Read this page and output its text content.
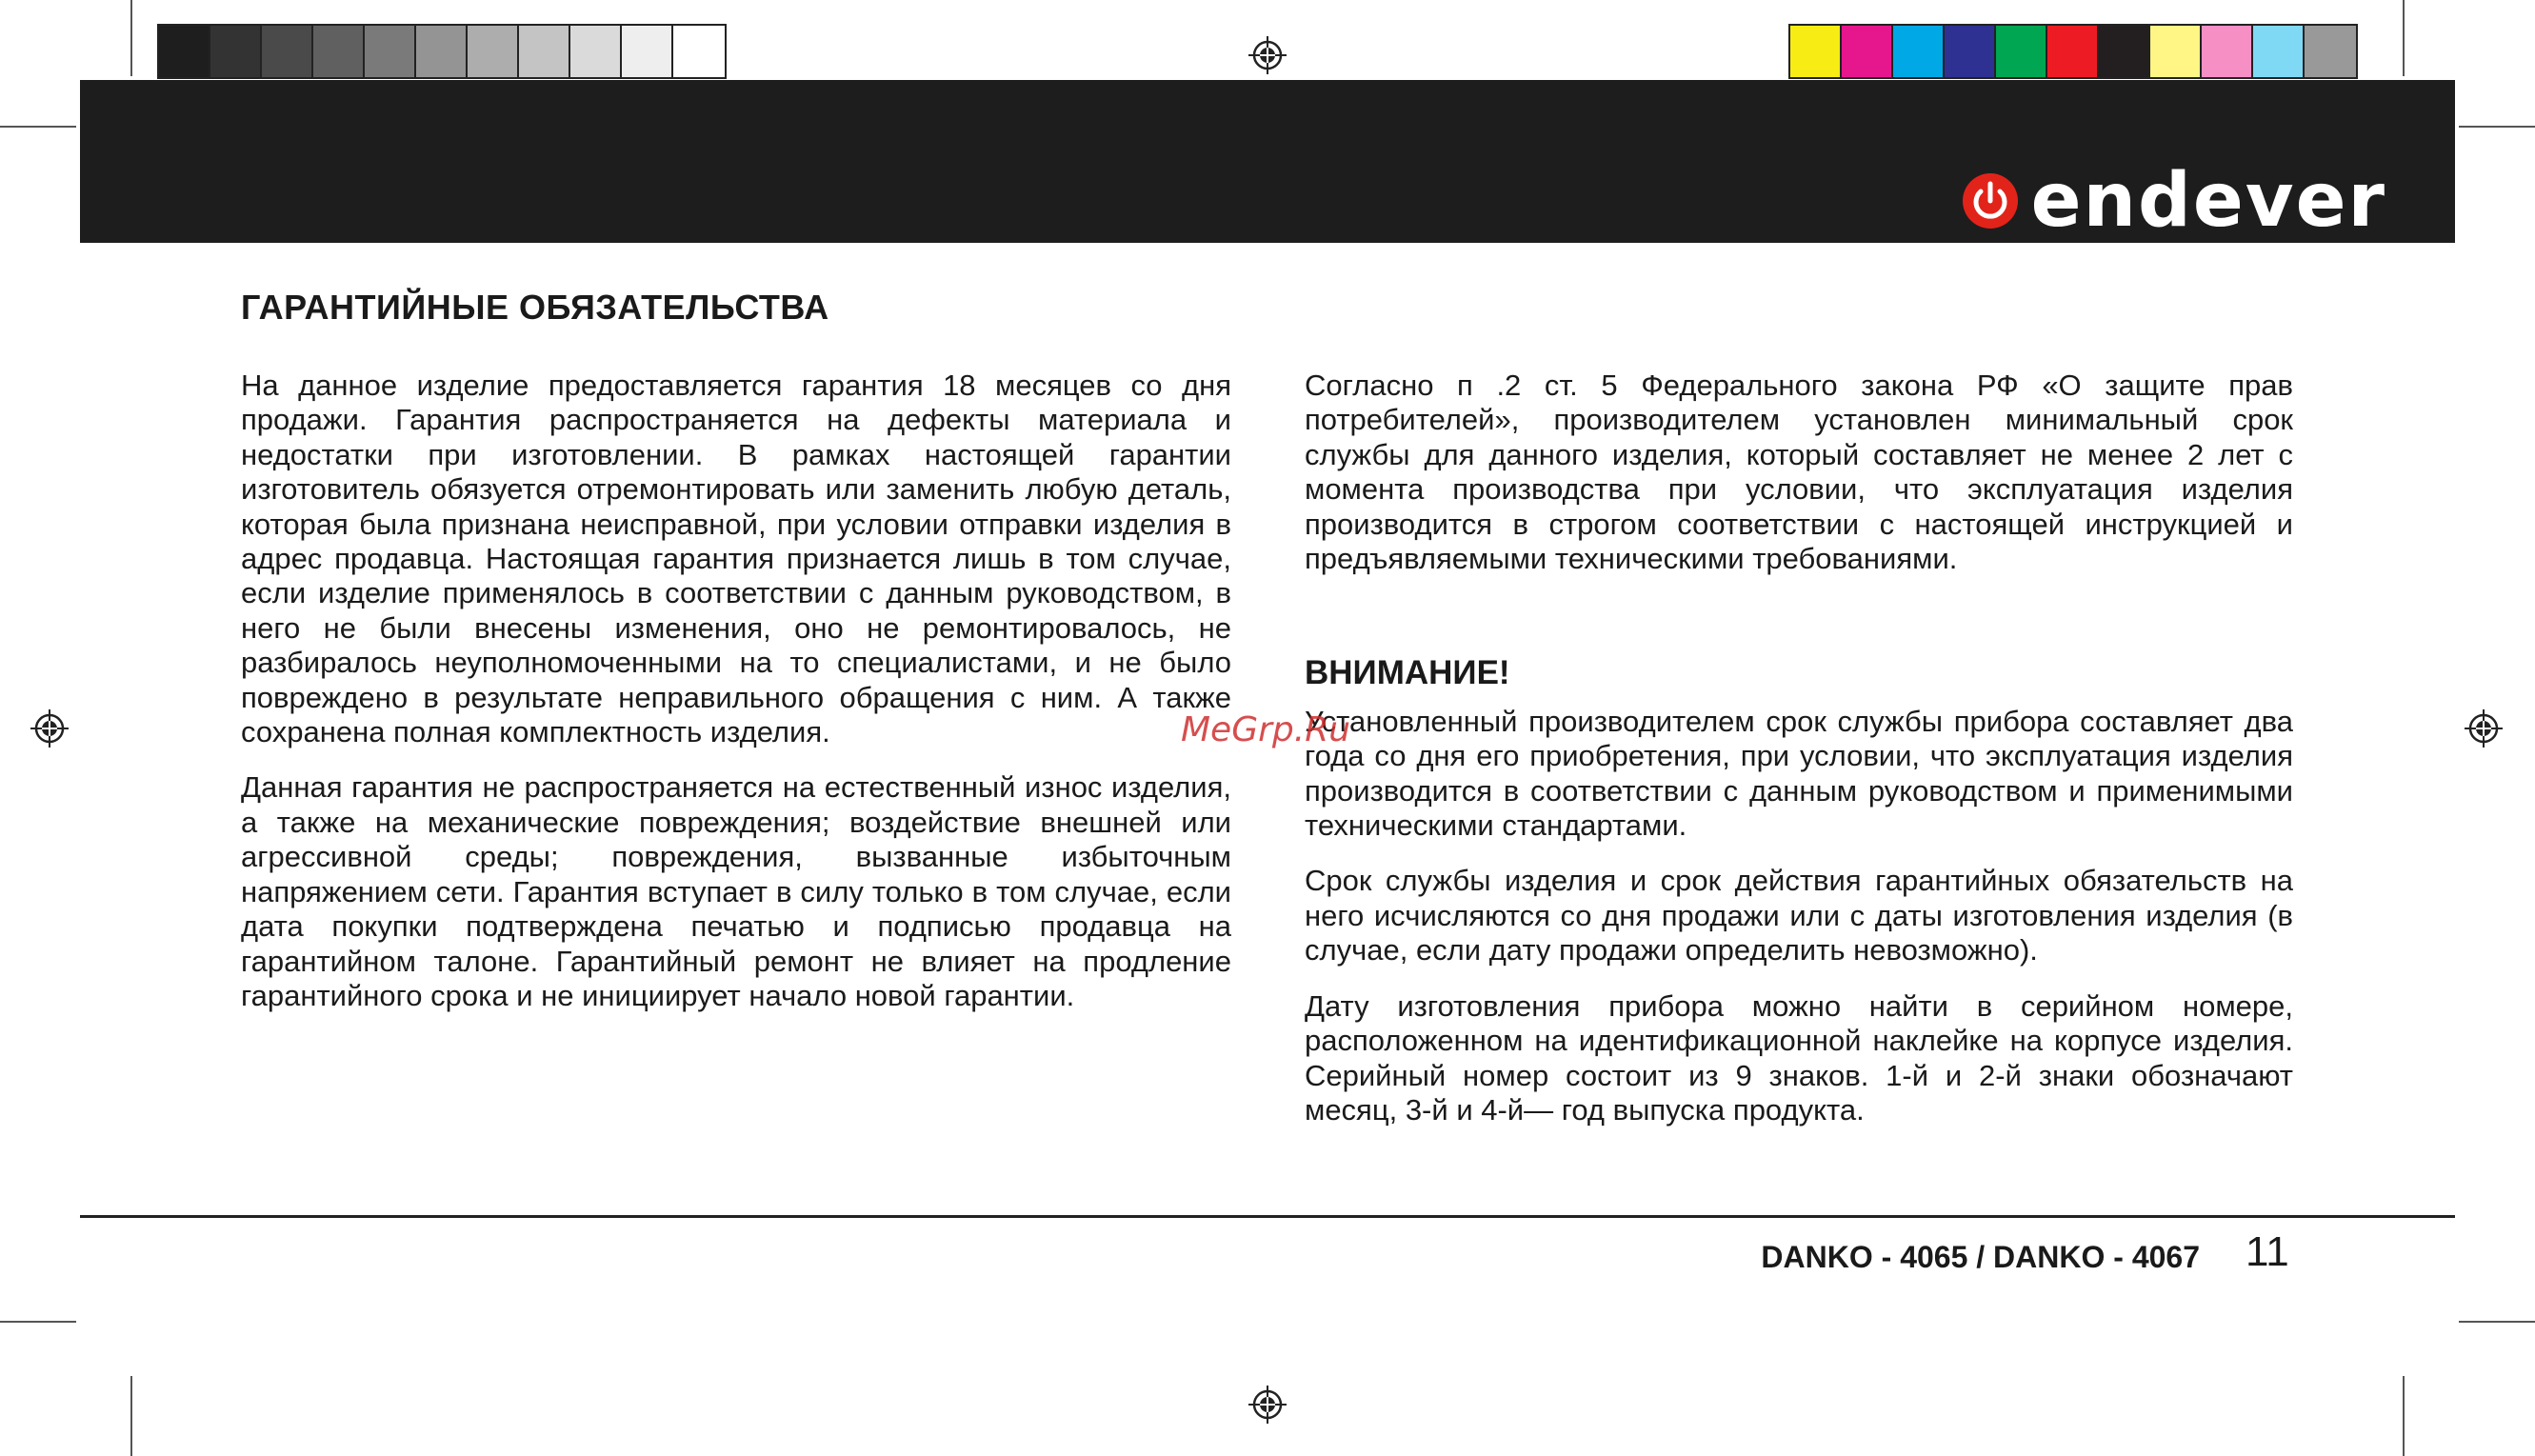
endever
ГАРАНТИЙНЫЕ ОБЯЗАТЕЛЬСТВА

На данное изделие предоставляется гарантия 18 месяцев со дня продажи. Гарантия распространяется на дефекты материала и недостатки при изготовлении. В рамках настоящей гарантии изготовитель обязуется отремонтировать или заменить любую деталь, которая была признана неисправной, при условии отправки изделия в адрес продавца. Настоящая гарантия признается лишь в том случае, если изделие применялось в соответствии с данным руководством, в него не были внесены изменения, оно не ремонтировалось, не разбиралось неуполномоченными на то специалистами, и не было повреждено в результате неправильного обращения с ним. А также сохранена полная комплектность изделия.

Данная гарантия не распространяется на естественный износ изделия, а также на механические повреждения; воздействие внешней или агрессивной среды; повреждения, вызванные избыточным напряжением сети. Гарантия вступает в силу только в том случае, если дата покупки подтверждена печатью и подписью продавца на гарантийном талоне. Гарантийный ремонт не влияет на продление гарантийного срока и не инициирует начало новой гарантии.

Согласно п .2 ст. 5 Федерального закона РФ «О защите прав потребителей», производителем установлен минимальный срок службы для данного изделия, который составляет не менее 2 лет с момента производства при условии, что эксплуатация изделия производится в строгом соответствии с настоящей инструкцией и предъявляемыми техническими требованиями.

ВНИМАНИЕ!

Установленный производителем срок службы прибора составляет два года со дня его приобретения, при условии, что эксплуатация изделия производится в соответствии с данным руководством и применимыми техническими стандартами.

Срок службы изделия и срок действия гарантийных обязательств на него исчисляются со дня продажи или с даты изготовления изделия (в случае, если дату продажи определить невозможно).

Дату изготовления прибора можно найти в серийном номере, расположенном на идентификационной наклейке на корпусе изделия. Серийный номер состоит из 9 знаков. 1-й и 2-й знаки обозначают месяц, 3-й и 4-й— год выпуска продукта.

MeGrp.Ru
DANKO - 4065 / DANKO - 4067 11
